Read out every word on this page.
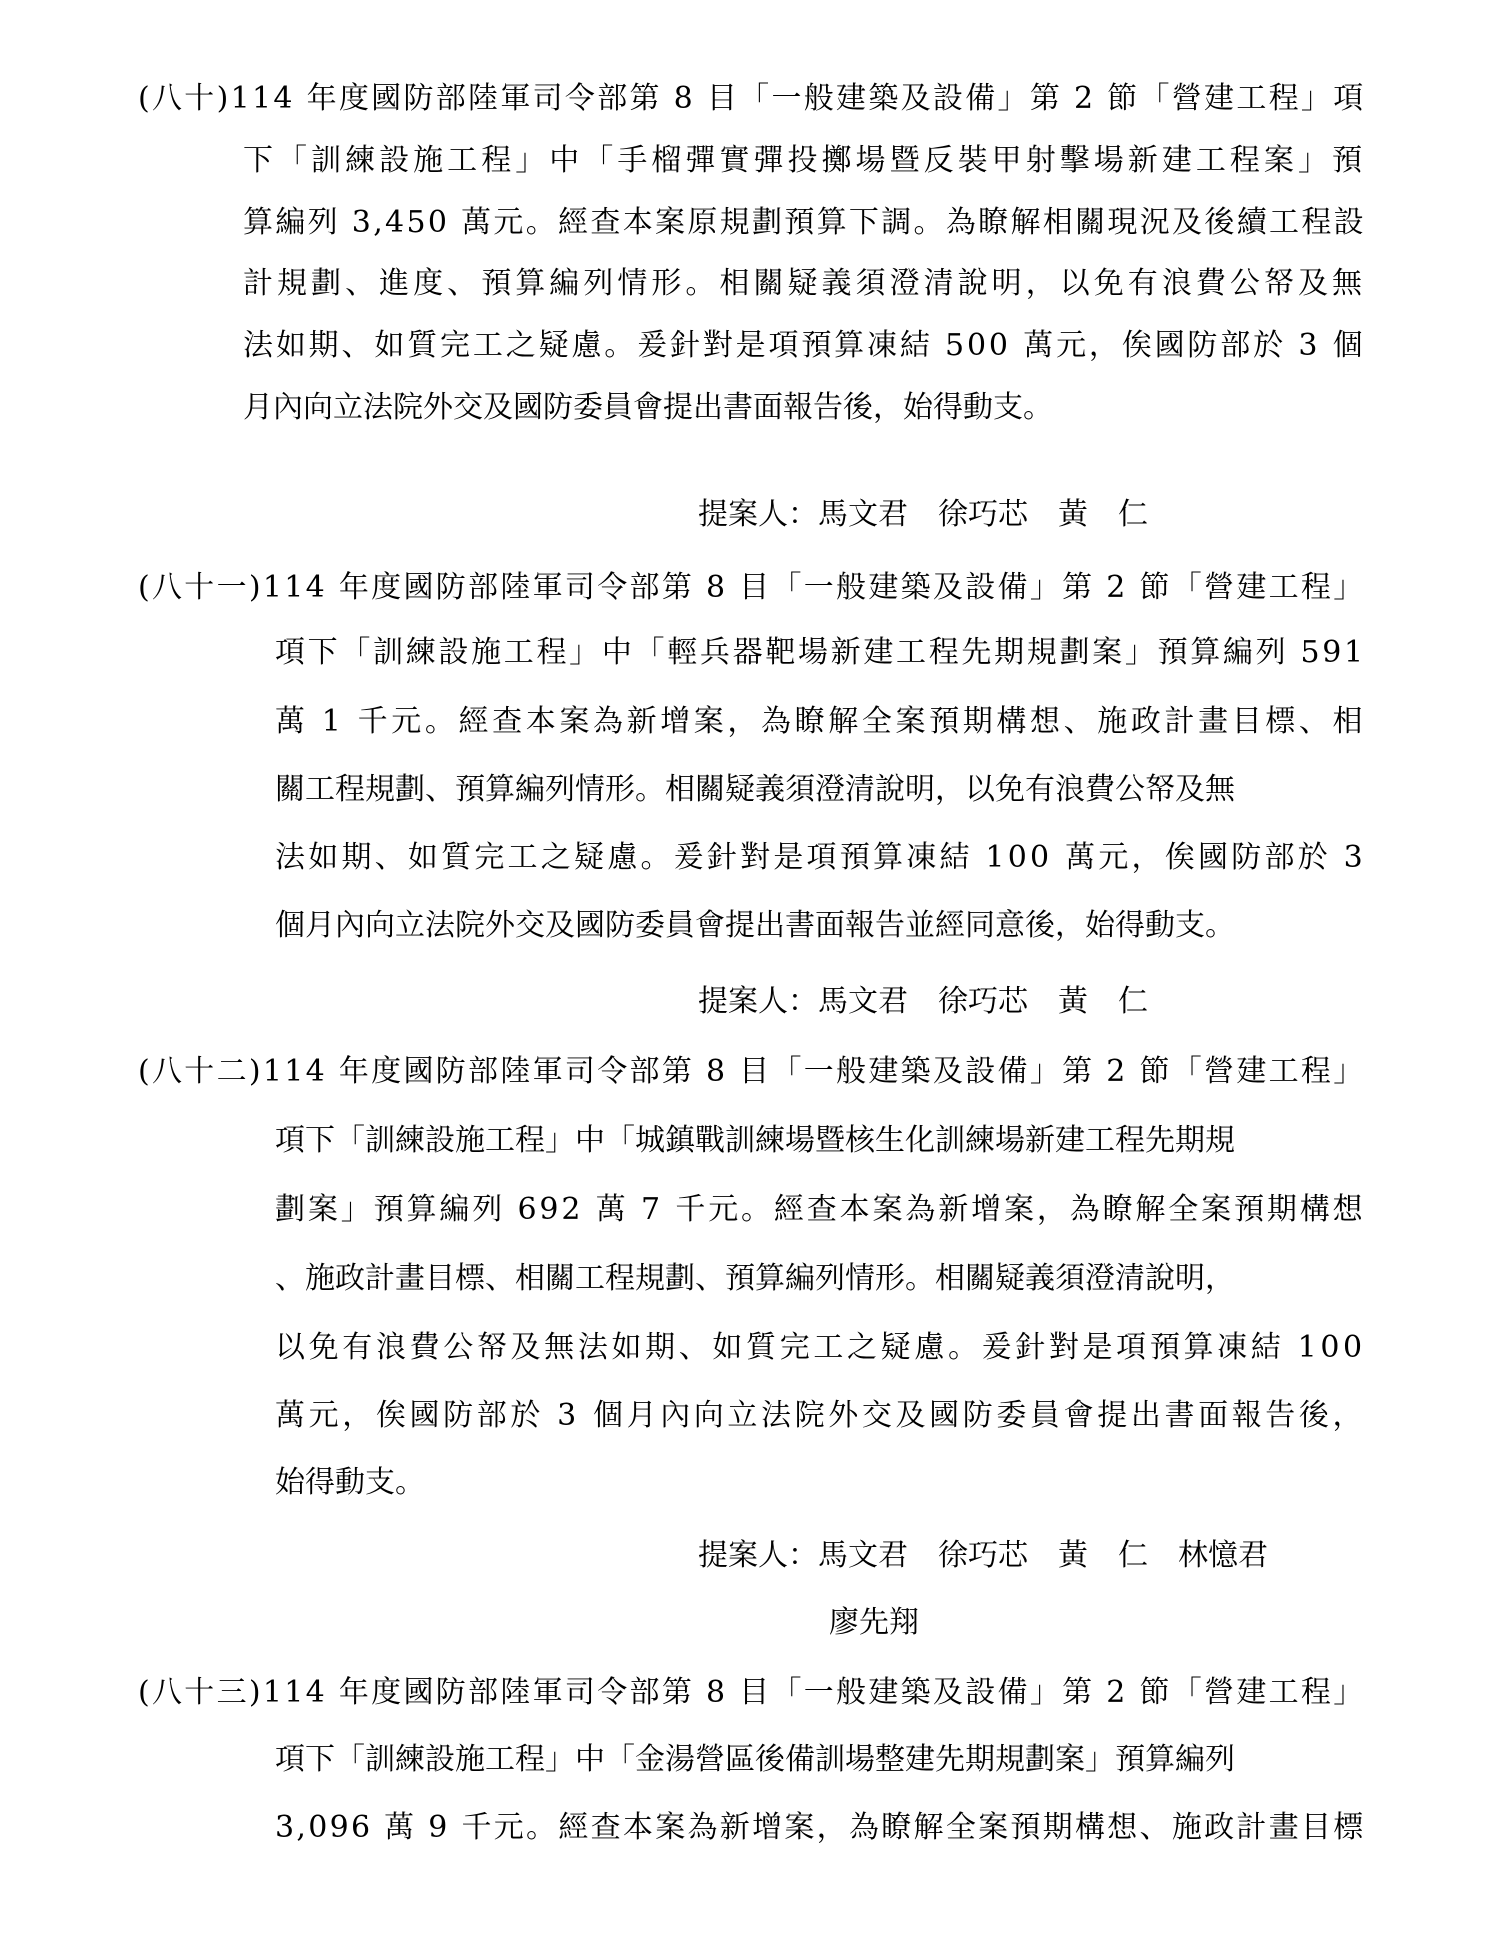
(八十)114 年度國防部陸軍司令部第 8 目「一般建築及設備」第 2 節「營建工程」項
下「訓練設施工程」中「手榴彈實彈投擲場暨反裝甲射擊場新建工程案」預
算編列 3,450 萬元。經查本案原規劃預算下調。為瞭解相關現況及後續工程設
計規劃、進度、預算編列情形。相關疑義須澄清說明，以免有浪費公帑及無
法如期、如質完工之疑慮。爰針對是項預算凍結 500 萬元，俟國防部於 3 個
月內向立法院外交及國防委員會提出書面報告後，始得動支。
提案人：馬文君　徐巧芯　黃　仁
(八十一)114 年度國防部陸軍司令部第 8 目「一般建築及設備」第 2 節「營建工程」
項下「訓練設施工程」中「輕兵器靶場新建工程先期規劃案」預算編列 591
萬 1 千元。經查本案為新增案，為瞭解全案預期構想、施政計畫目標、相
關工程規劃、預算編列情形。相關疑義須澄清說明，以免有浪費公帑及無
法如期、如質完工之疑慮。爰針對是項預算凍結 100 萬元，俟國防部於 3
個月內向立法院外交及國防委員會提出書面報告並經同意後，始得動支。
提案人：馬文君　徐巧芯　黃　仁
(八十二)114 年度國防部陸軍司令部第 8 目「一般建築及設備」第 2 節「營建工程」
項下「訓練設施工程」中「城鎮戰訓練場暨核生化訓練場新建工程先期規
劃案」預算編列 692 萬 7 千元。經查本案為新增案，為瞭解全案預期構想
、施政計畫目標、相關工程規劃、預算編列情形。相關疑義須澄清說明，
以免有浪費公帑及無法如期、如質完工之疑慮。爰針對是項預算凍結 100
萬元，俟國防部於 3 個月內向立法院外交及國防委員會提出書面報告後，
始得動支。
提案人：馬文君　徐巧芯　黃　仁　林憶君
廖先翔
(八十三)114 年度國防部陸軍司令部第 8 目「一般建築及設備」第 2 節「營建工程」
項下「訓練設施工程」中「金湯營區後備訓場整建先期規劃案」預算編列
3,096 萬 9 千元。經查本案為新增案，為瞭解全案預期構想、施政計畫目標
